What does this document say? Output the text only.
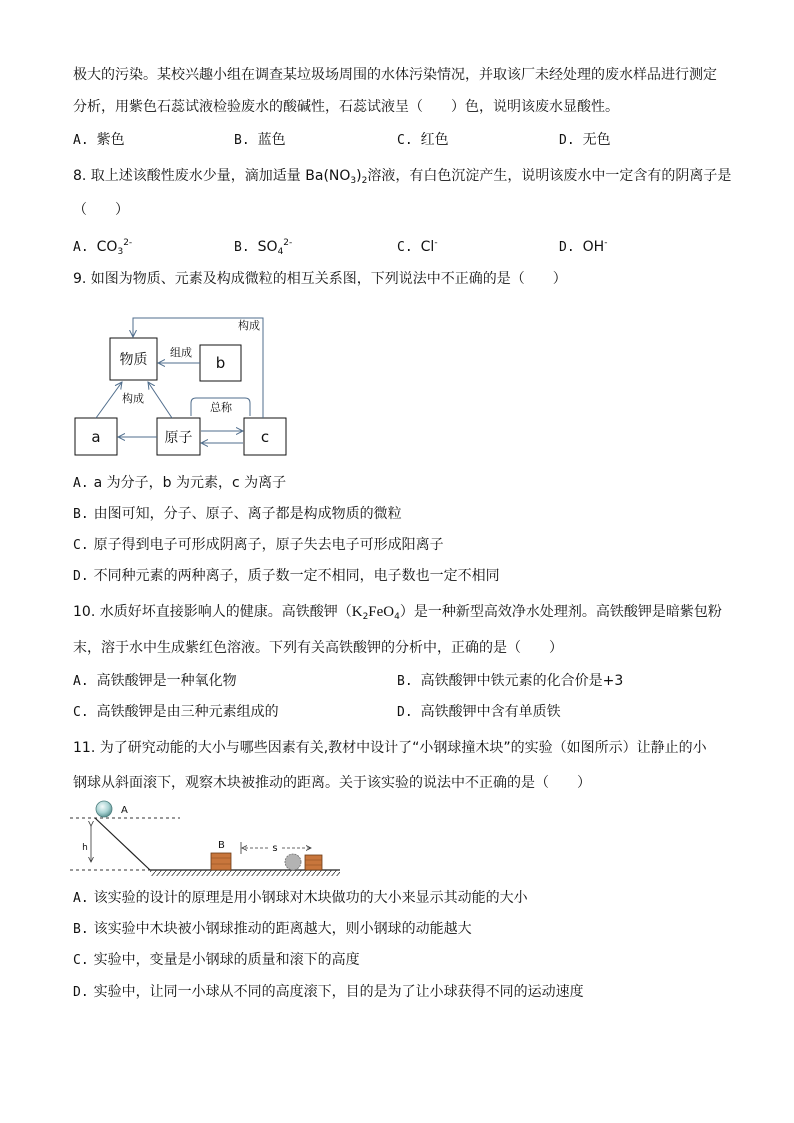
极大的污染。某校兴趣小组在调查某垃圾场周围的水体污染情况，并取该厂未经处理的废水样品进行测定
分析，用紫色石蕊试液检验废水的酸碱性，石蕊试液呈（　　）色，说明该废水显酸性。
A. 紫色	B. 蓝色	C. 红色	D. 无色
8. 取上述该酸性废水少量，滴加适量 $Ba(NO_3)_2$溶液，有白色沉淀产生，说明该废水中一定含有的阴离子是
（　　）
A. $CO_3^{2-}$	B. $SO_4^{2-}$	C. Cl-	D. OH-
9. 如图为物质、元素及构成微粒的相互关系图，下列说法中不正确的是（　　）
物质	b
a	原子	c
构成
组成
构成
总称
A. a 为分子，b 为元素，c 为离子
B. 由图可知，分子、原子、离子都是构成物质的微粒
C. 原子得到电子可形成阴离子，原子失去电子可形成阳离子
D. 不同种元素的两种离子，质子数一定不相同，电子数也一定不相同
10. 水质好坏直接影响人的健康。高铁酸钾$(K_2FeO_4)$是一种新型高效净水处理剂。高铁酸钾是暗紫包粉
末，溶于水中生成紫红色溶液。下列有关高铁酸钾的分析中，正确的是（　　）
A. 高铁酸钾是一种氧化物	B. 高铁酸钾中铁元素的化合价是+3
C. 高铁酸钾是由三种元素组成的	D. 高铁酸钾中含有单质铁
11. 为了研究动能的大小与哪些因素有关,教材中设计了“小钢球撞木块”的实验（如图所示）让静止的小
钢球从斜面滚下，观察木块被推动的距离。关于该实验的说法中不正确的是（　　）
h
A
B	s
A. 该实验的设计的原理是用小钢球对木块做功的大小来显示其动能的大小
B. 该实验中木块被小钢球推动的距离越大，则小钢球的动能越大
C. 实验中，变量是小钢球的质量和滚下的高度
D. 实验中，让同一小球从不同的高度滚下，目的是为了让小球获得不同的运动速度
